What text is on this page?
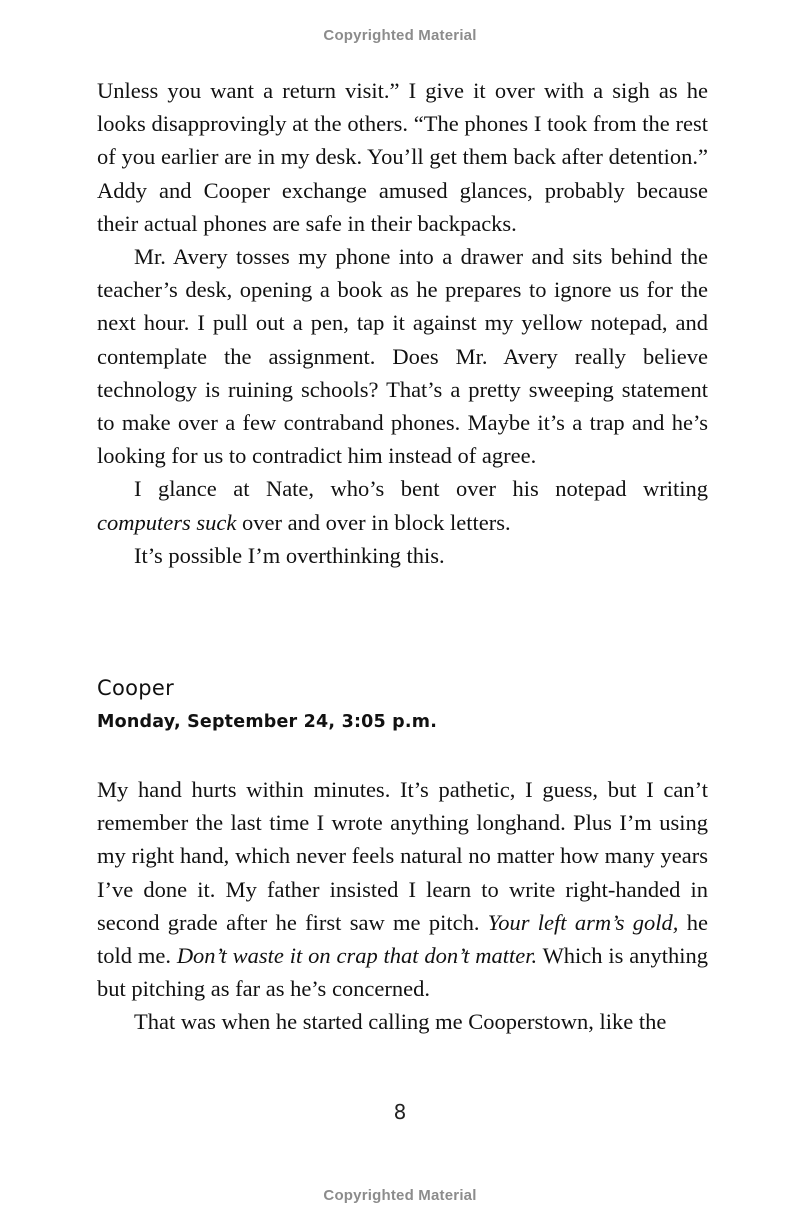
Copyrighted Material

Unless you want a return visit.” I give it over with a sigh as he looks disapprovingly at the others. “The phones I took from the rest of you earlier are in my desk. You’ll get them back after detention.” Addy and Cooper exchange amused glances, probably because their actual phones are safe in their backpacks.

Mr. Avery tosses my phone into a drawer and sits behind the teacher’s desk, opening a book as he prepares to ignore us for the next hour. I pull out a pen, tap it against my yellow notepad, and contemplate the assignment. Does Mr. Avery really believe technology is ruining schools? That’s a pretty sweeping statement to make over a few contraband phones. Maybe it’s a trap and he’s looking for us to contradict him instead of agree.

I glance at Nate, who’s bent over his notepad writing computers suck over and over in block letters.

It’s possible I’m overthinking this.

Cooper
Monday, September 24, 3:05 p.m.

My hand hurts within minutes. It’s pathetic, I guess, but I can’t remember the last time I wrote anything longhand. Plus I’m using my right hand, which never feels natural no matter how many years I’ve done it. My father insisted I learn to write right-handed in second grade after he first saw me pitch. Your left arm’s gold, he told me. Don’t waste it on crap that don’t matter. Which is anything but pitching as far as he’s concerned.

That was when he started calling me Cooperstown, like the

8
Copyrighted Material
